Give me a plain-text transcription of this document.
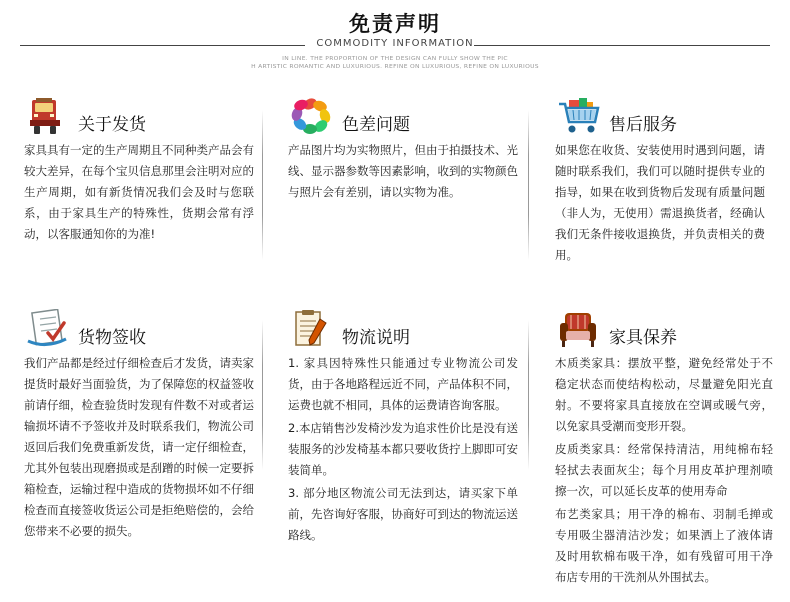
免责声明
COMMODITY INFORMATION
IN LINE. THE PROPORTION OF THE DESIGN CAN FULLY SHOW THE PIC
H ARTISTIC ROMANTIC AND LUXURIOUS. REFINE ON LUXURIOUS, REFINE ON LUXURIOUS
关于发货

家具具有一定的生产周期且不同种类产品会有较大差异，在每个宝贝信息那里会注明对应的生产周期，如有新货情况我们会及时与您联系，由于家具生产的特殊性，货期会常有浮动，以客服通知你的为准!

色差问题

产品图片均为实物照片，但由于拍摄技术、光线、显示器参数等因素影响，收到的实物颜色与照片会有差别，请以实物为准。

售后服务

如果您在收货、安装使用时遇到问题，请随时联系我们，我们可以随时提供专业的指导，如果在收到货物后发现有质量问题（非人为，无使用）需退换货者，经确认我们无条件接收退换货，并负责相关的费用。

货物签收

我们产品都是经过仔细检查后才发货，请卖家提货时最好当面验货，为了保障您的权益签收前请仔细，检查验货时发现有件数不对或者运输损坏请不予签收并及时联系我们，物流公司返回后我们免费重新发货，请一定仔细检查，尤其外包装出现磨损或是刮蹭的时候一定要拆箱检查，运输过程中造成的货物损坏如不仔细检查而直接签收货运公司是拒绝赔偿的，会给您带来不必要的损失。

物流说明

1. 家具因特殊性只能通过专业物流公司发货，由于各地路程远近不同，产品体积不同，运费也就不相同，具体的运费请咨询客服。

2.本店销售沙发椅沙发为追求性价比是没有送装服务的沙发椅基本都只要收货拧上脚即可安装简单。

3. 部分地区物流公司无法到达，请买家下单前，先咨询好客服，协商好可到达的物流运送路线。

家具保养

木质类家具：摆放平整，避免经常处于不稳定状态而使结构松动，尽量避免阳光直射。不要将家具直接放在空调或暖气旁，以免家具受潮而变形开裂。

皮质类家具：经常保持清洁，用纯棉布轻轻拭去表面灰尘；每个月用皮革护理剂喷擦一次，可以延长皮革的使用寿命

布艺类家具；用干净的棉布、羽制毛掸或专用吸尘器清洁沙发；如果洒上了液体请及时用软棉布吸干净，如有残留可用干净布店专用的干洗剂从外围拭去。
